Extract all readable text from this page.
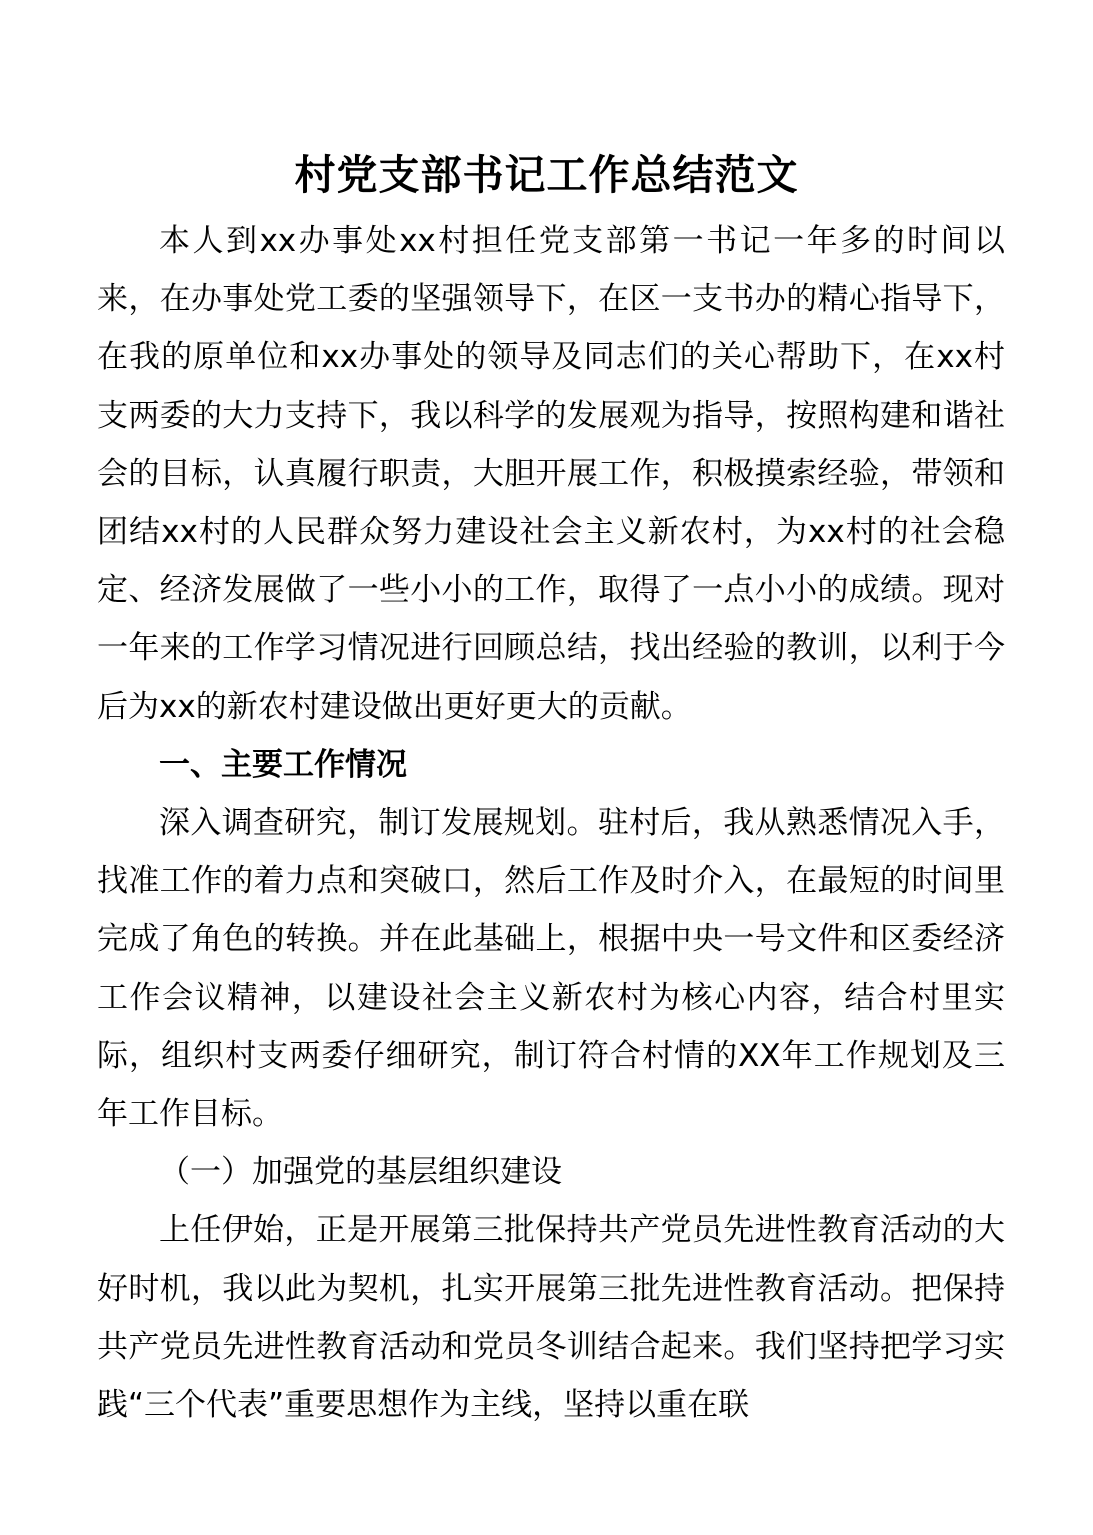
村党支部书记工作总结范文

本人到xx办事处xx村担任党支部第一书记一年多的时间以来，在办事处党工委的坚强领导下，在区一支书办的精心指导下，在我的原单位和xx办事处的领导及同志们的关心帮助下，在xx村支两委的大力支持下，我以科学的发展观为指导，按照构建和谐社会的目标，认真履行职责，大胆开展工作，积极摸索经验，带领和团结xx村的人民群众努力建设社会主义新农村，为xx村的社会稳定、经济发展做了一些小小的工作，取得了一点小小的成绩。现对一年来的工作学习情况进行回顾总结，找出经验的教训，以利于今后为xx的新农村建设做出更好更大的贡献。

一、主要工作情况

深入调查研究，制订发展规划。驻村后，我从熟悉情况入手，找准工作的着力点和突破口，然后工作及时介入，在最短的时间里完成了角色的转换。并在此基础上，根据中央一号文件和区委经济工作会议精神，以建设社会主义新农村为核心内容，结合村里实际，组织村支两委仔细研究，制订符合村情的XX年工作规划及三年工作目标。

（一）加强党的基层组织建设

上任伊始，正是开展第三批保持共产党员先进性教育活动的大好时机，我以此为契机，扎实开展第三批先进性教育活动。把保持共产党员先进性教育活动和党员冬训结合起来。我们坚持把学习实践“三个代表”重要思想作为主线，坚持以重在联
